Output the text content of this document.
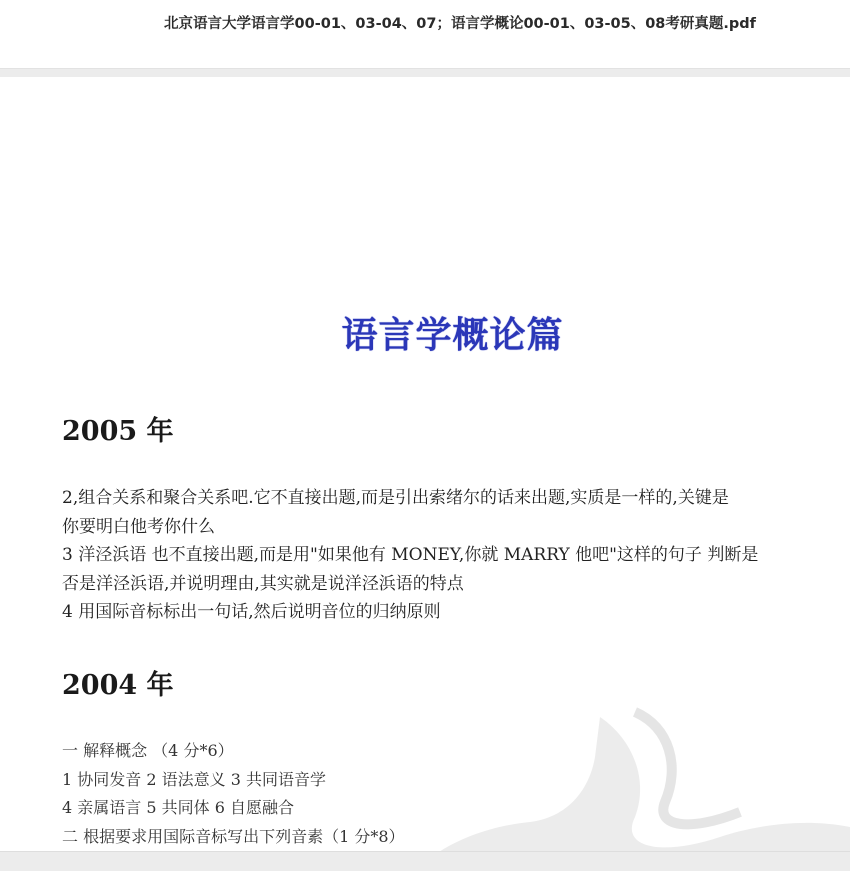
北京语言大学语言学00-01、03-04、07；语言学概论00-01、03-05、08考研真题.pdf
语言学概论篇
2005 年
2,组合关系和聚合关系吧.它不直接出题,而是引出索绪尔的话来出题,实质是一样的,关键是
你要明白他考你什么
3 洋泾浜语 也不直接出题,而是用"如果他有 MONEY,你就 MARRY 他吧"这样的句子 判断是
否是洋泾浜语,并说明理由,其实就是说洋泾浜语的特点
4 用国际音标标出一句话,然后说明音位的归纳原则
2004 年
一 解释概念 （4 分*6）
1 协同发音 2 语法意义 3 共同语音学
4 亲属语言 5 共同体 6 自愿融合
二 根据要求用国际音标写出下列音素（1 分*8）
